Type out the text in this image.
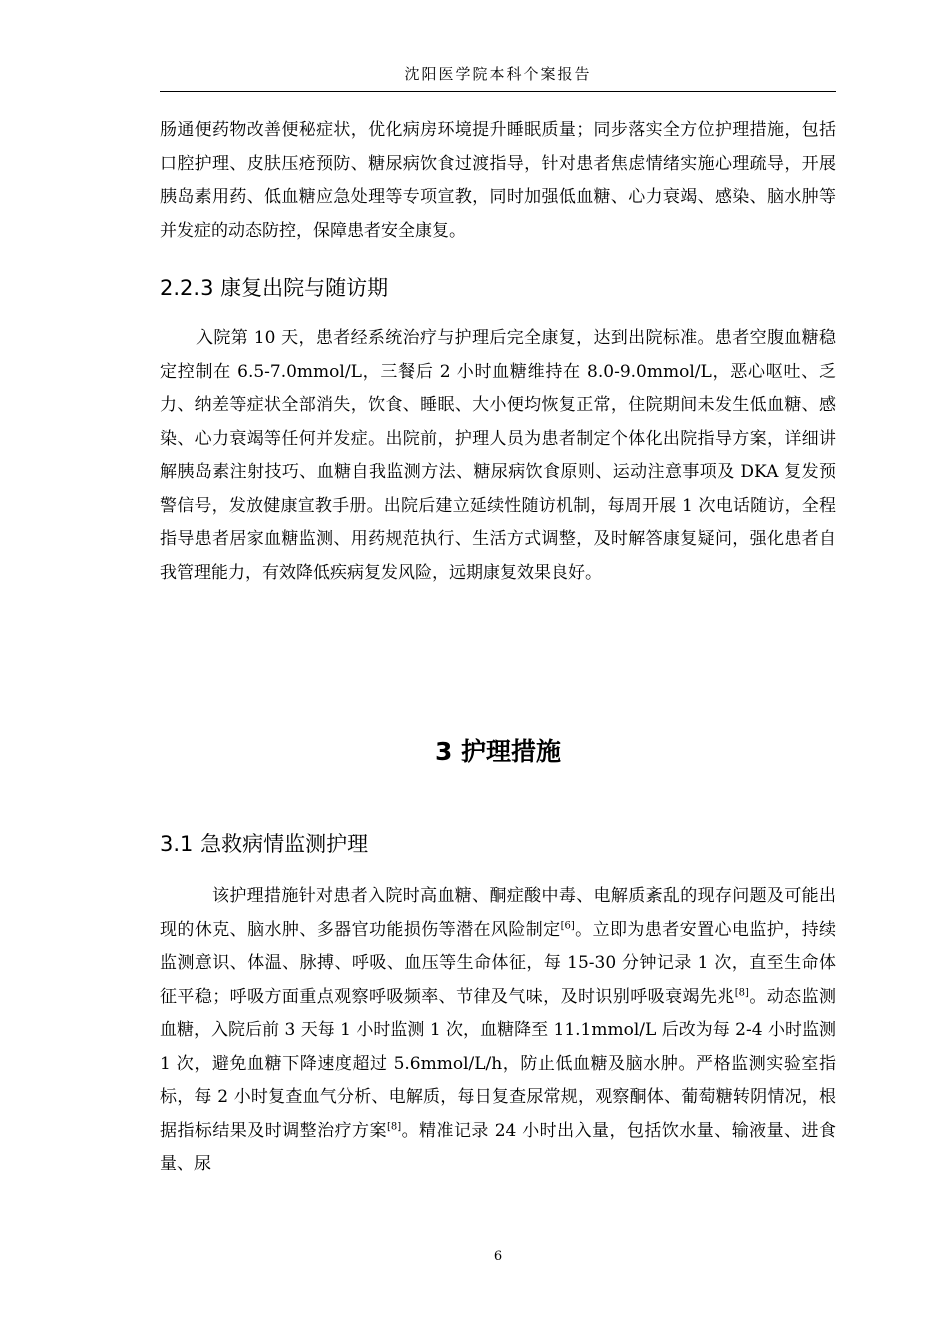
沈阳医学院本科个案报告

肠通便药物改善便秘症状，优化病房环境提升睡眠质量；同步落实全方位护理措施，包括口腔护理、皮肤压疮预防、糖尿病饮食过渡指导，针对患者焦虑情绪实施心理疏导，开展胰岛素用药、低血糖应急处理等专项宣教，同时加强低血糖、心力衰竭、感染、脑水肿等并发症的动态防控，保障患者安全康复。

2.2.3 康复出院与随访期

入院第 10 天，患者经系统治疗与护理后完全康复，达到出院标准。患者空腹血糖稳定控制在 6.5-7.0mmol/L，三餐后 2 小时血糖维持在 8.0-9.0mmol/L，恶心呕吐、乏力、纳差等症状全部消失，饮食、睡眠、大小便均恢复正常，住院期间未发生低血糖、感染、心力衰竭等任何并发症。出院前，护理人员为患者制定个体化出院指导方案，详细讲解胰岛素注射技巧、血糖自我监测方法、糖尿病饮食原则、运动注意事项及 DKA 复发预警信号，发放健康宣教手册。出院后建立延续性随访机制，每周开展 1 次电话随访，全程指导患者居家血糖监测、用药规范执行、生活方式调整，及时解答康复疑问，强化患者自我管理能力，有效降低疾病复发风险，远期康复效果良好。

3 护理措施
3.1 急救病情监测护理

该护理措施针对患者入院时高血糖、酮症酸中毒、电解质紊乱的现存问题及可能出现的休克、脑水肿、多器官功能损伤等潜在风险制定[6]。立即为患者安置心电监护，持续监测意识、体温、脉搏、呼吸、血压等生命体征，每 15-30 分钟记录 1 次，直至生命体征平稳；呼吸方面重点观察呼吸频率、节律及气味，及时识别呼吸衰竭先兆[8]。动态监测血糖，入院后前 3 天每 1 小时监测 1 次，血糖降至 11.1mmol/L 后改为每 2-4 小时监测 1 次，避免血糖下降速度超过 5.6mmol/L/h，防止低血糖及脑水肿。严格监测实验室指标，每 2 小时复查血气分析、电解质，每日复查尿常规，观察酮体、葡萄糖转阴情况，根据指标结果及时调整治疗方案[8]。精准记录 24 小时出入量，包括饮水量、输液量、进食量、尿

6
